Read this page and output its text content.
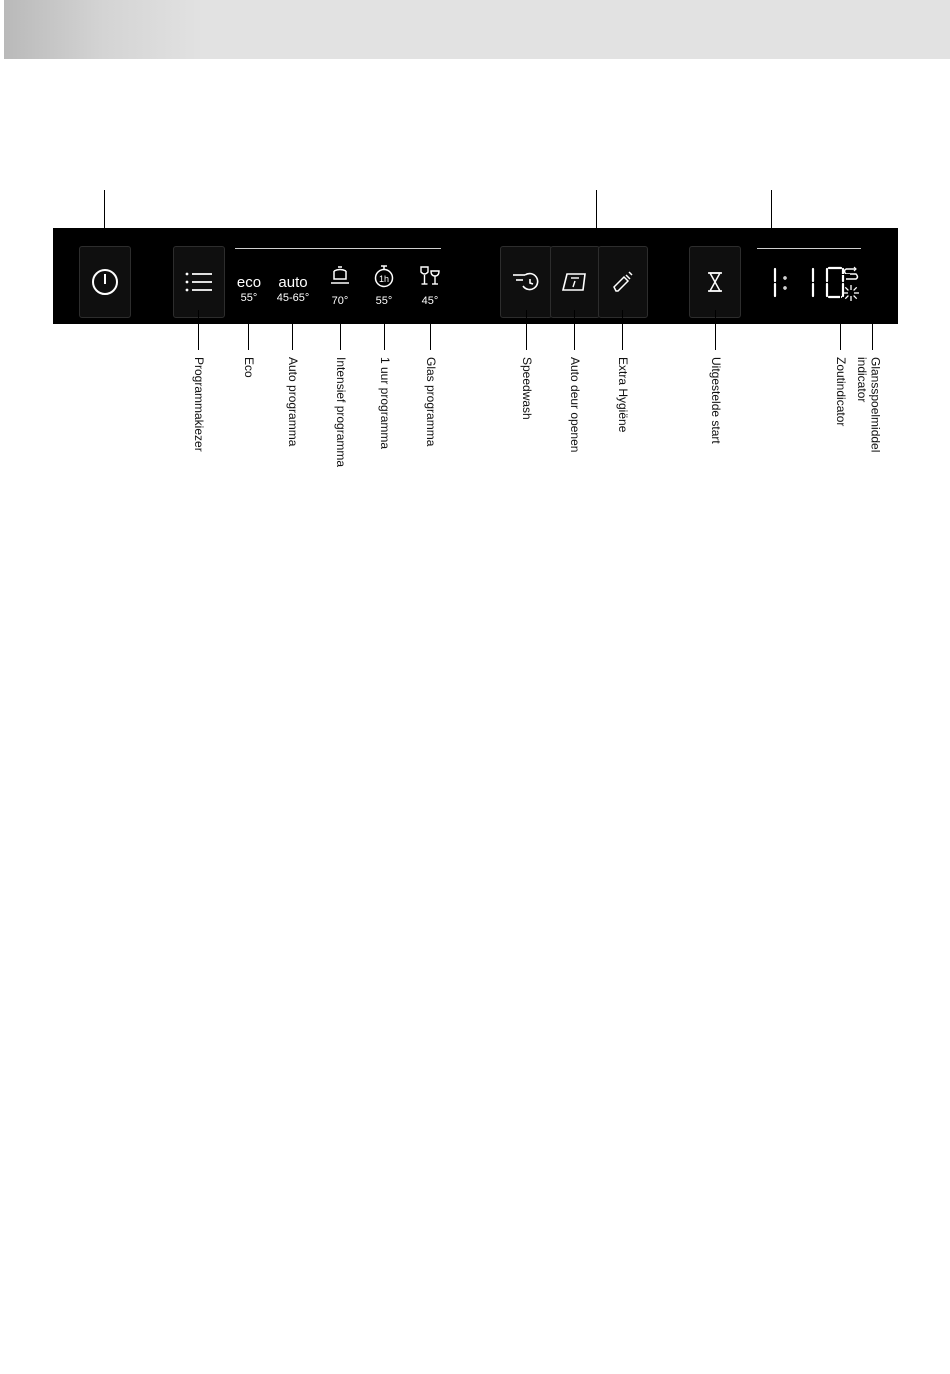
eco
55°
auto
45-65° 70°
1h
55°	45°
Programmakiezer	Eco	Auto programma	Intensief programma	1 uur programma	Glas programma	Speedwash	Auto deur openen	Extra Hygiëne	Uitgestelde start	Zoutindicator	Glansspoelmiddel
indicator
